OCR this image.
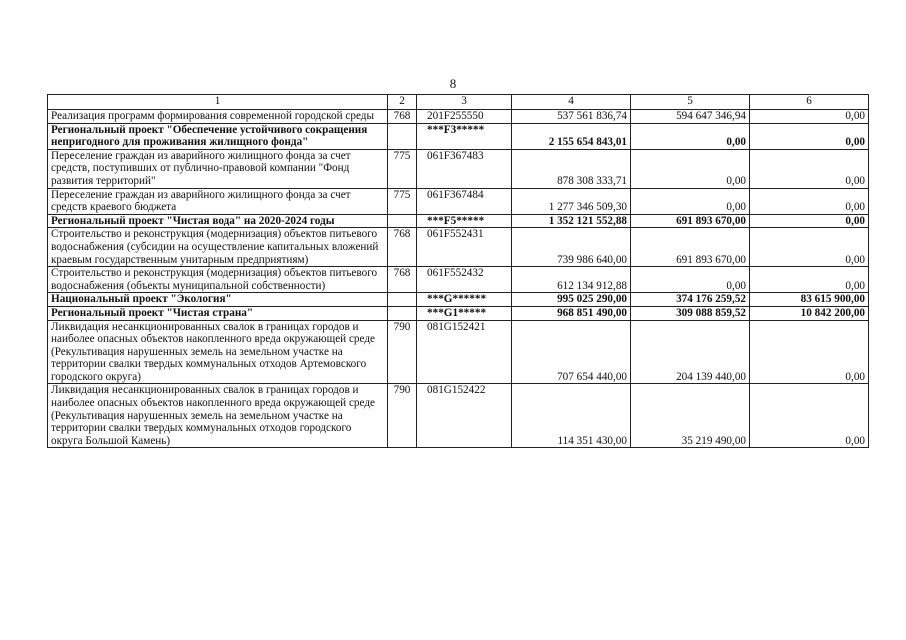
8
1	2	3	4	5	6
Реализация программ формирования современной городской среды	768	201F255550	537 561 836,74	594 647 346,94	0,00
Региональный проект "Обеспечение устойчивого сокращения непригодного для проживания жилищного фонда"		***F3*****	2 155 654 843,01	0,00	0,00
Переселение граждан из аварийного жилищного фонда за счет средств, поступивших от публично-правовой компании "Фонд развития территорий"	775	061F367483	878 308 333,71	0,00	0,00
Переселение граждан из аварийного жилищного фонда за счет средств краевого бюджета	775	061F367484	1 277 346 509,30	0,00	0,00
Региональный проект "Чистая вода" на 2020-2024 годы		***F5*****	1 352 121 552,88	691 893 670,00	0,00
Строительство и реконструкция (модернизация) объектов питьевого водоснабжения (субсидии на осуществление капитальных вложений краевым государственным унитарным предприятиям)	768	061F552431	739 986 640,00	691 893 670,00	0,00
Строительство и реконструкция (модернизация) объектов питьевого водоснабжения (объекты муниципальной собственности)	768	061F552432	612 134 912,88	0,00	0,00
Национальный проект "Экология"		***G******	995 025 290,00	374 176 259,52	83 615 900,00
Региональный проект "Чистая страна"		***G1*****	968 851 490,00	309 088 859,52	10 842 200,00
Ликвидация несанкционированных свалок в границах городов и наиболее опасных объектов накопленного вреда окружающей среде (Рекультивация нарушенных земель на земельном участке на территории свалки твердых коммунальных отходов Артемовского городского округа)	790	081G152421	707 654 440,00	204 139 440,00	0,00
Ликвидация несанкционированных свалок в границах городов и наиболее опасных объектов накопленного вреда окружающей среде (Рекультивация нарушенных земель на земельном участке на территории свалки твердых коммунальных отходов городского округа Большой Камень)	790	081G152422	114 351 430,00	35 219 490,00	0,00
